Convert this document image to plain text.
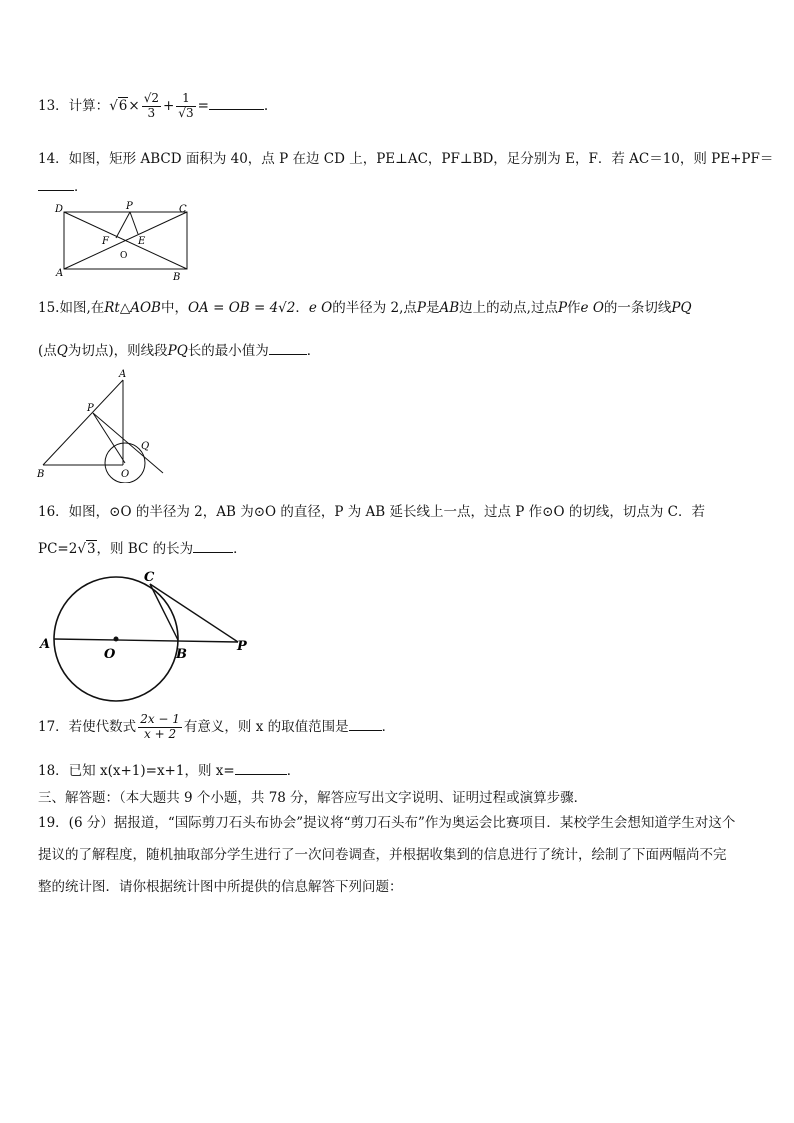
13．计算：$√6\times \frac{√2}{3} + \frac{1}{√3}$ =	.
14．如图，矩形 ABCD 面积为 40，点 P 在边 CD 上，PE⊥AC，PF⊥BD，足分别为 E，F．若 AC＝10，则 PE+PF＝
．
D	P	C
F	E
O
A	B
15.如图,在Rt△AOB中，OA = OB = 4√2．e O的半径为 2,点P是AB边上的动点,过点P作e O的一条切线PQ
(点Q为切点)，则线段PQ长的最小值为	．
A
P
Q
B	O
16．如图，⊙O 的半径为 2，AB 为⊙O 的直径，P 为 AB 延长线上一点，过点 P 作⊙O 的切线，切点为 C．若
PC=2√3，则 BC 的长为	．
C
A
O	B
P
17．若使代数式 $\frac{2x - 1}{x + 2}$ 有意义，则 x 的取值范围是 ．
18．已知 x(x+1)=x+1，则 x=	．
三、解答题：（本大题共 9 个小题，共 78 分，解答应写出文字说明、证明过程或演算步骤．
19．(6 分）据报道，“国际剪刀石头布协会”提议将“剪刀石头布”作为奥运会比赛项目．某校学生会想知道学生对这个
提议的了解程度，随机抽取部分学生进行了一次问卷调查，并根据收集到的信息进行了统计，绘制了下面两幅尚不完
整的统计图．请你根据统计图中所提供的信息解答下列问题：
